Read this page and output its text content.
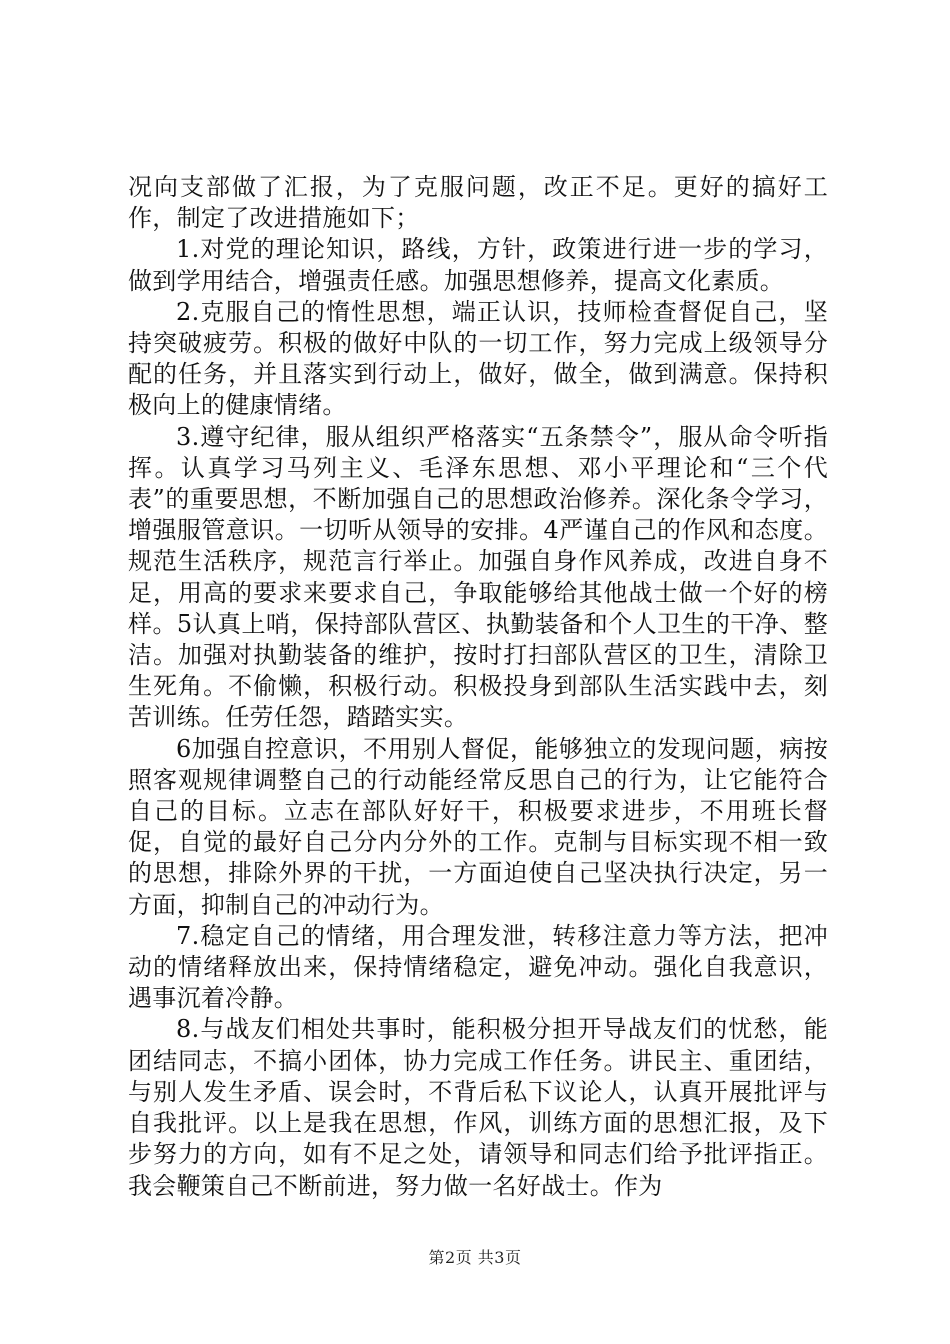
况向支部做了汇报，为了克服问题，改正不足。更好的搞好工作，制定了改进措施如下；

1.对党的理论知识，路线，方针，政策进行进一步的学习，做到学用结合，增强责任感。加强思想修养，提高文化素质。

2.克服自己的惰性思想，端正认识，技师检查督促自己，坚持突破疲劳。积极的做好中队的一切工作，努力完成上级领导分配的任务，并且落实到行动上，做好，做全，做到满意。保持积极向上的健康情绪。

3.遵守纪律，服从组织严格落实“五条禁令”，服从命令听指挥。认真学习马列主义、毛泽东思想、邓小平理论和“三个代表”的重要思想，不断加强自己的思想政治修养。深化条令学习，增强服管意识。一切听从领导的安排。4严谨自己的作风和态度。规范生活秩序，规范言行举止。加强自身作风养成，改进自身不足，用高的要求来要求自己，争取能够给其他战士做一个好的榜样。5认真上哨，保持部队营区、执勤装备和个人卫生的干净、整洁。加强对执勤装备的维护，按时打扫部队营区的卫生，清除卫生死角。不偷懒，积极行动。积极投身到部队生活实践中去，刻苦训练。任劳任怨，踏踏实实。

6加强自控意识，不用别人督促，能够独立的发现问题，病按照客观规律调整自己的行动能经常反思自己的行为，让它能符合自己的目标。立志在部队好好干，积极要求进步，不用班长督促，自觉的最好自己分内分外的工作。克制与目标实现不相一致的思想，排除外界的干扰，一方面迫使自己坚决执行决定，另一方面，抑制自己的冲动行为。

7.稳定自己的情绪，用合理发泄，转移注意力等方法，把冲动的情绪释放出来，保持情绪稳定，避免冲动。强化自我意识，遇事沉着冷静。

8.与战友们相处共事时，能积极分担开导战友们的忧愁，能团结同志，不搞小团体，协力完成工作任务。讲民主、重团结，与别人发生矛盾、误会时，不背后私下议论人，认真开展批评与自我批评。以上是我在思想，作风，训练方面的思想汇报，及下步努力的方向，如有不足之处，请领导和同志们给予批评指正。我会鞭策自己不断前进，努力做一名好战士。作为

第2页 共3页
